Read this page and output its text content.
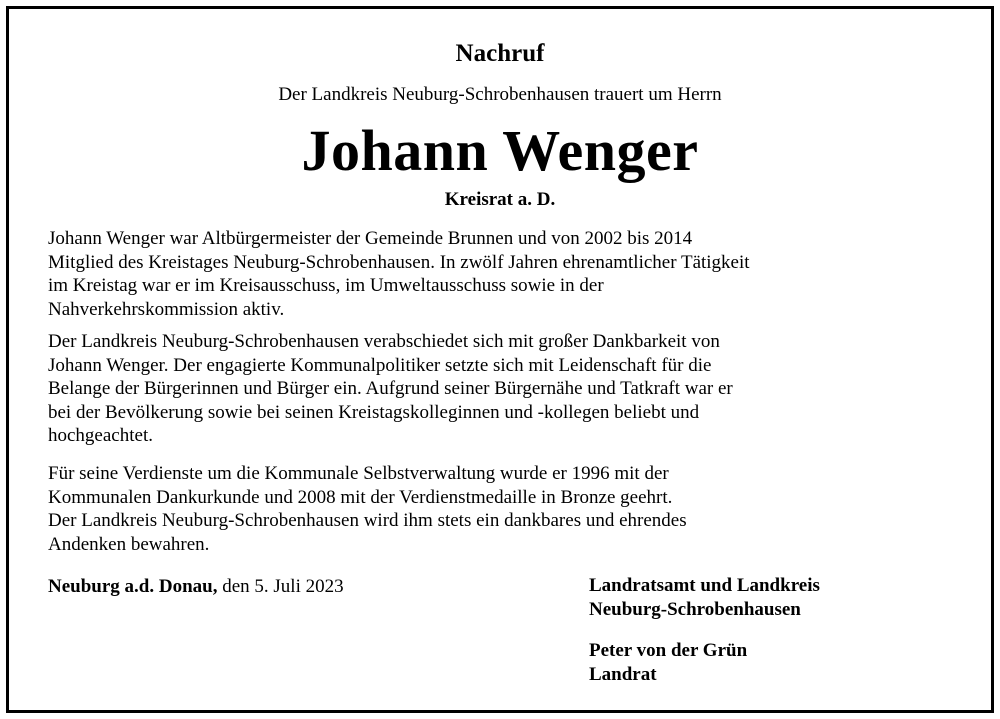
Nachruf
Der Landkreis Neuburg-Schrobenhausen trauert um Herrn
Johann Wenger
Kreisrat a. D.

Johann Wenger war Altbürgermeister der Gemeinde Brunnen und von 2002 bis 2014
Mitglied des Kreistages Neuburg-Schrobenhausen. In zwölf Jahren ehrenamtlicher Tätigkeit
im Kreistag war er im Kreisausschuss, im Umweltausschuss sowie in der
Nahverkehrskommission aktiv.

Der Landkreis Neuburg-Schrobenhausen verabschiedet sich mit großer Dankbarkeit von
Johann Wenger. Der engagierte Kommunalpolitiker setzte sich mit Leidenschaft für die
Belange der Bürgerinnen und Bürger ein. Aufgrund seiner Bürgernähe und Tatkraft war er
bei der Bevölkerung sowie bei seinen Kreistagskolleginnen und -kollegen beliebt und
hochgeachtet.

Für seine Verdienste um die Kommunale Selbstverwaltung wurde er 1996 mit der
Kommunalen Dankurkunde und 2008 mit der Verdienstmedaille in Bronze geehrt.
Der Landkreis Neuburg-Schrobenhausen wird ihm stets ein dankbares und ehrendes
Andenken bewahren.

Neuburg a.d. Donau, den 5. Juli 2023	Landratsamt und Landkreis
Neuburg-Schrobenhausen
Peter von der Grün
Landrat
